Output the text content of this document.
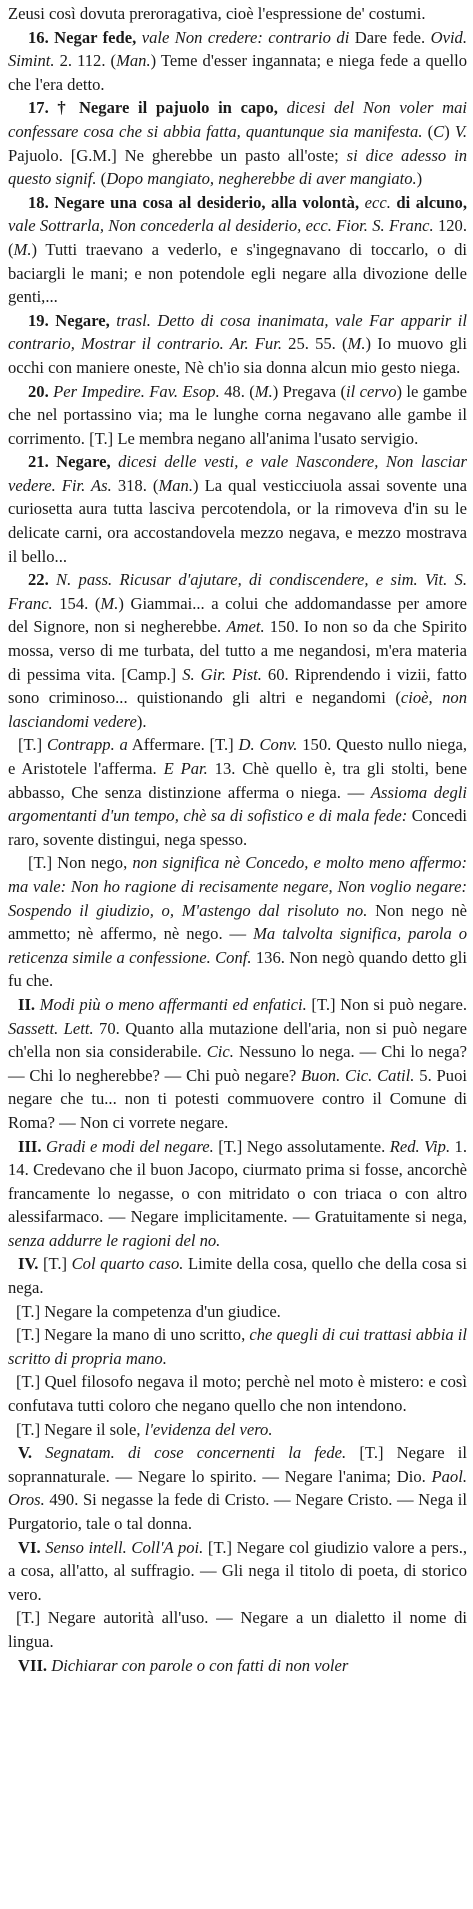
Zeusi così dovuta preroragativa, cioè l'espressione de' costumi.

16. Negar fede, vale Non credere: contrario di Dare fede. Ovid. Simint. 2. 112. (Man.) Teme d'esser ingannata; e niega fede a quello che l'era detto.

17. † Negare il pajuolo in capo, dicesi del Non voler mai confessare cosa che si abbia fatta, quantunque sia manifesta. (C) V. Pajuolo. [G.M.] Ne gherebbe un pasto all'oste; si dice adesso in questo signif. (Dopo mangiato, negherebbe di aver mangiato.)

18. Negare una cosa al desiderio, alla volontà, ecc. di alcuno, vale Sottrarla, Non concederla al desiderio, ecc. Fior. S. Franc. 120. (M.) Tutti traevano a vederlo, e s'ingegnavano di toccarlo, o di baciargli le mani; e non potendole egli negare alla divozione delle genti,...

19. Negare, trasl. Detto di cosa inanimata, vale Far apparir il contrario, Mostrar il contrario. Ar. Fur. 25. 55. (M.) Io muovo gli occhi con maniere oneste, Nè ch'io sia donna alcun mio gesto niega.

20. Per Impedire. Fav. Esop. 48. (M.) Pregava (il cervo) le gambe che nel portassino via; ma le lunghe corna negavano alle gambe il corrimento. [T.] Le membra negano all'anima l'usato servigio.

21. Negare, dicesi delle vesti, e vale Nascondere, Non lasciar vedere. Fir. As. 318. (Man.) La qual vesticciuola assai sovente una curiosetta aura tutta lasciva percotendola, or la rimoveva d'in su le delicate carni, ora accostandovela mezzo negava, e mezzo mostrava il bello...

22. N. pass. Ricusar d'ajutare, di condiscendere, e sim. Vit. S. Franc. 154. (M.) Giammai... a colui che addomandasse per amore del Signore, non si negherebbe. Amet. 150. Io non so da che Spirito mossa, verso di me turbata, del tutto a me negandosi, m'era materia di pessima vita. [Camp.] S. Gir. Pist. 60. Riprendendo i vizii, fatto sono criminoso... quistionando gli altri e negandomi (cioè, non lasciandomi vedere).

[T.] Contrapp. a Affermare. [T.] D. Conv. 150. Questo nullo niega, e Aristotele l'afferma. E Par. 13. Chè quello è, tra gli stolti, bene abbasso, Che senza distinzione afferma o niega. — Assioma degli argomentanti d'un tempo, chè sa di sofistico e di mala fede: Concedi raro, sovente distingui, nega spesso.

[T.] Non nego, non significa nè Concedo, e molto meno affermo: ma vale: Non ho ragione di recisamente negare, Non voglio negare: Sospendo il giudizio, o, M'astengo dal risoluto no. Non nego nè ammetto; nè affermo, nè nego. — Ma talvolta significa, parola o reticenza simile a confessione. Conf. 136. Non negò quando detto gli fu che.

II. Modi più o meno affermanti ed enfatici. [T.] Non si può negare. Sassett. Lett. 70. Quanto alla mutazione dell'aria, non si può negare ch'ella non sia considerabile. Cic. Nessuno lo nega. — Chi lo nega? — Chi lo negherebbe? — Chi può negare? Buon. Cic. Catil. 5. Puoi negare che tu... non ti potesti commuovere contro il Comune di Roma? — Non ci vorrete negare.

III. Gradi e modi del negare. [T.] Nego assolutamente. Red. Vip. 1. 14. Credevano che il buon Jacopo, ciurmato prima si fosse, ancorchè francamente lo negasse, o con mitridato o con triaca o con altro alessifarmaco. — Negare implicitamente. — Gratuitamente si nega, senza addurre le ragioni del no.

IV. [T.] Col quarto caso. Limite della cosa, quello che della cosa si nega.

[T.] Negare la competenza d'un giudice.

[T.] Negare la mano di uno scritto, che quegli di cui trattasi abbia il scritto di propria mano.

[T.] Quel filosofo negava il moto; perchè nel moto è mistero: e così confutava tutti coloro che negano quello che non intendono.

[T.] Negare il sole, l'evidenza del vero.

V. Segnatam. di cose concernenti la fede. [T.] Negare il soprannaturale. — Negare lo spirito. — Negare l'anima; Dio. Paol. Oros. 490. Si negasse la fede di Cristo. — Negare Cristo. — Nega il Purgatorio, tale o tal donna.

VI. Senso intell. Coll'A poi. [T.] Negare col giudizio valore a pers., a cosa, all'atto, al suffragio. — Gli nega il titolo di poeta, di storico vero.

[T.] Negare autorità all'uso. — Negare a un dialetto il nome di lingua.

VII. Dichiarar con parole o con fatti di non voler
